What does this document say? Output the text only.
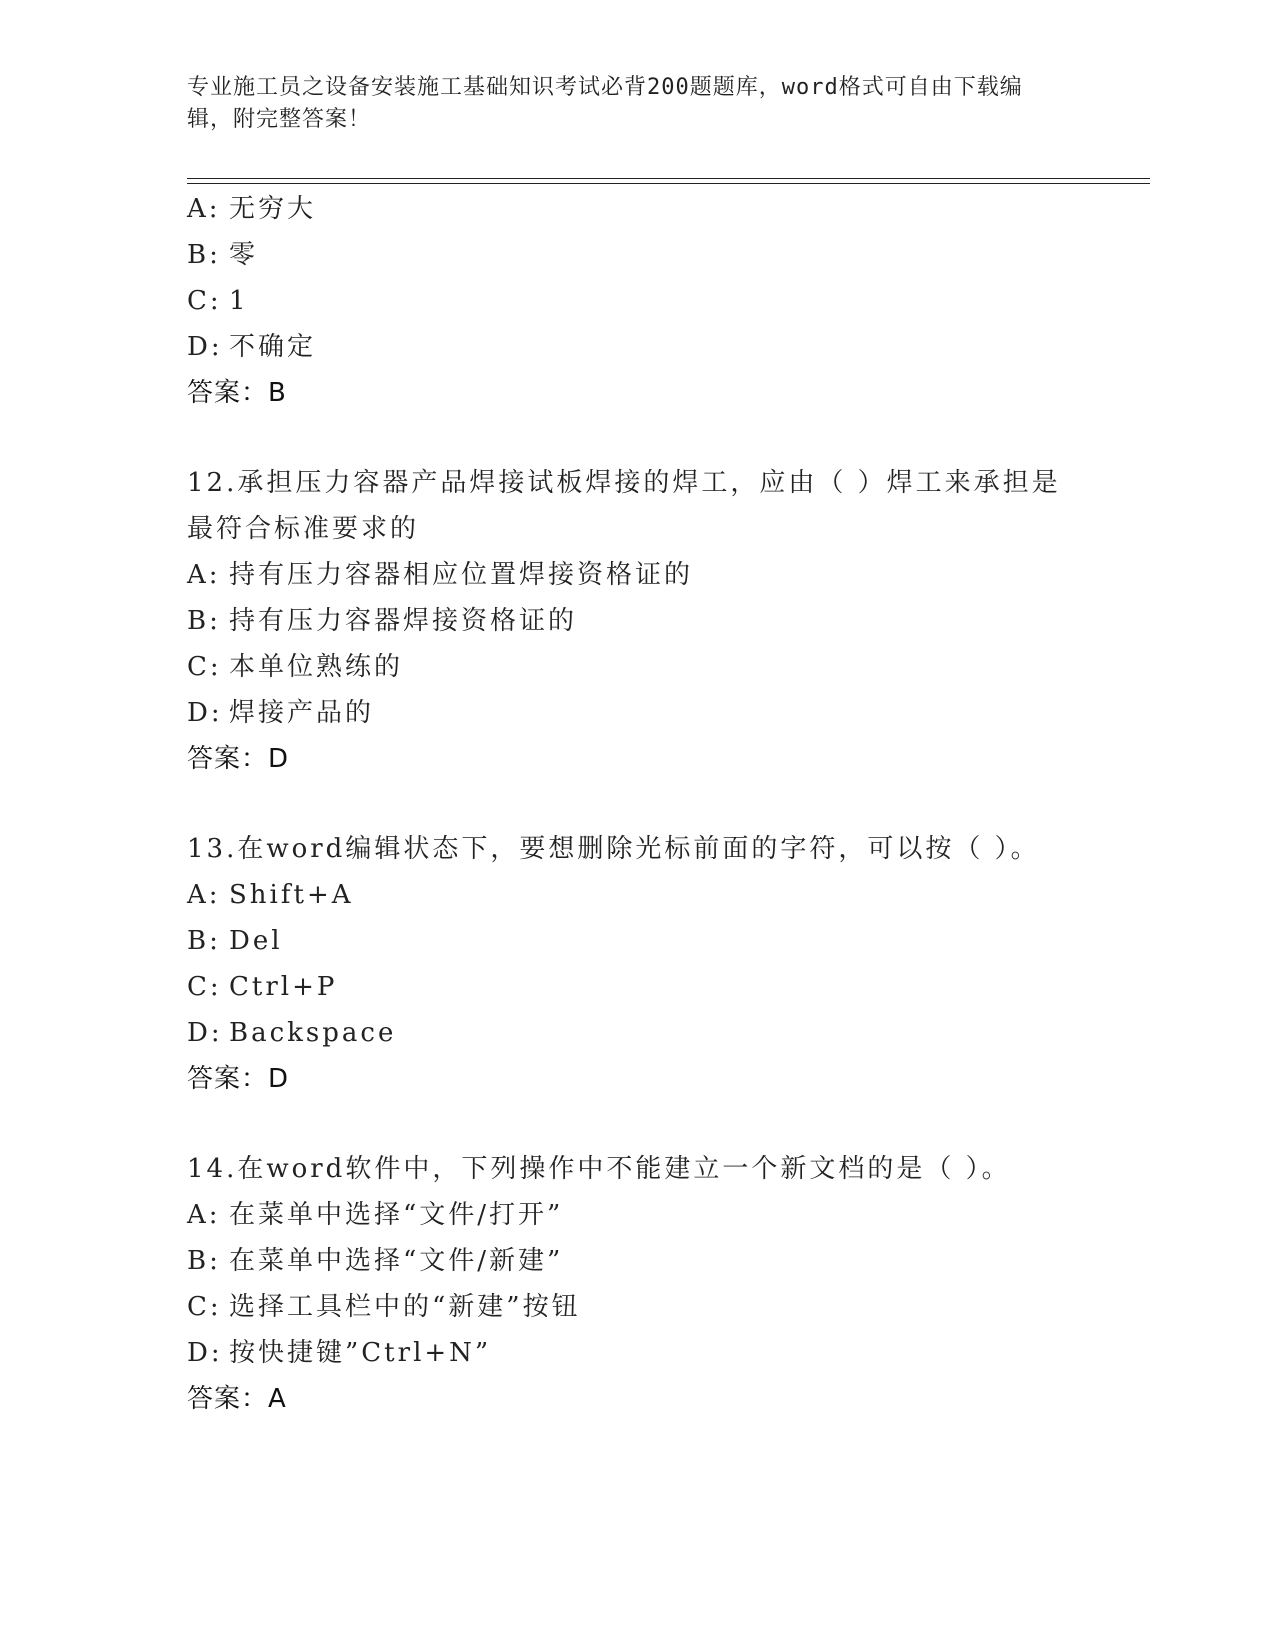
专业施工员之设备安装施工基础知识考试必背200题题库，word格式可自由下载编辑，附完整答案！
A: 无穷大
B: 零
C: 1
D: 不确定
答案：B
12.承担压力容器产品焊接试板焊接的焊工，应由（ ）焊工来承担是最符合标准要求的
A: 持有压力容器相应位置焊接资格证的
B: 持有压力容器焊接资格证的
C: 本单位熟练的
D: 焊接产品的
答案：D
13.在word编辑状态下，要想删除光标前面的字符，可以按（ ）。
A: Shift+A
B: Del
C: Ctrl+P
D: Backspace
答案：D
14.在word软件中，下列操作中不能建立一个新文档的是（ ）。
A: 在菜单中选择“文件/打开”
B: 在菜单中选择“文件/新建”
C: 选择工具栏中的“新建”按钮
D: 按快捷键”Ctrl+N”
答案：A
